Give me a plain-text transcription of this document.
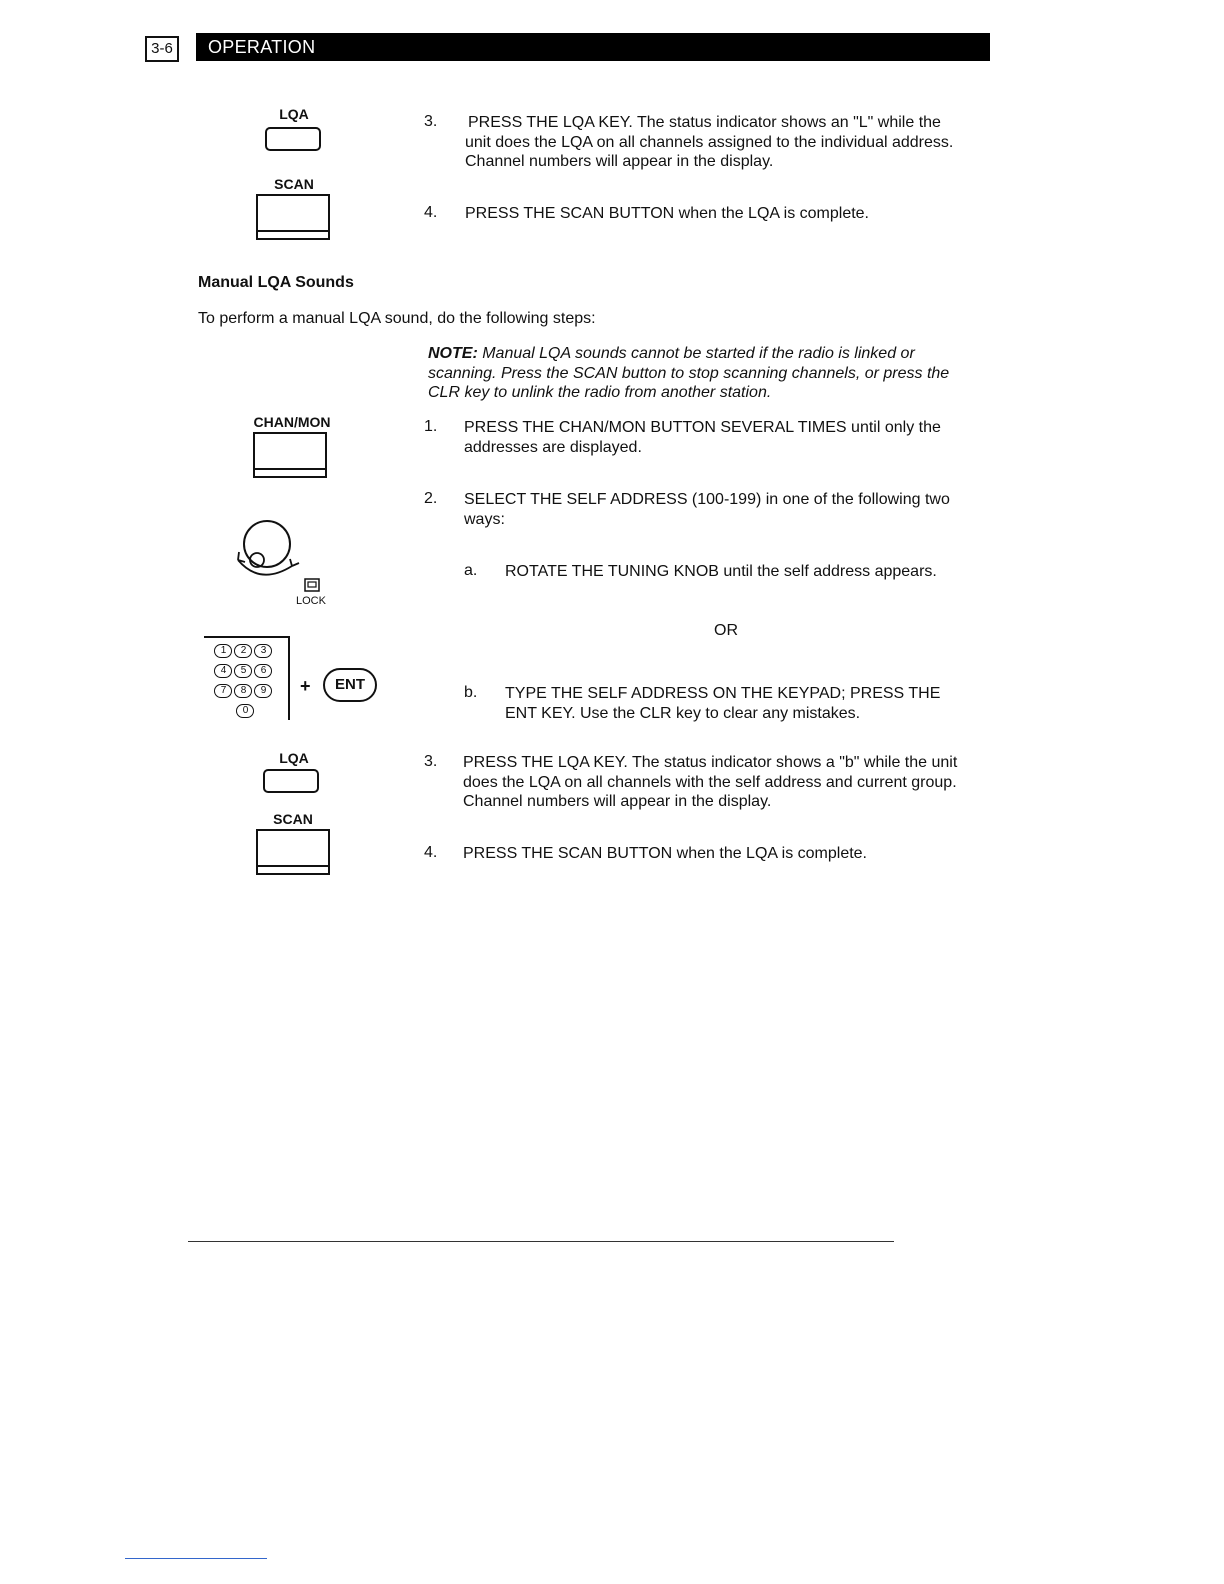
3-6	OPERATION
LQA
SCAN
3. PRESS THE LQA KEY. The status indicator shows an "L" while the
unit does the LQA on all channels assigned to the individual address.
Channel numbers will appear in the display.
4. PRESS THE SCAN BUTTON when the LQA is complete.
Manual LQA Sounds
To perform a manual LQA sound, do the following steps:
NOTE: Manual LQA sounds cannot be started if the radio is linked or
scanning. Press the SCAN button to stop scanning channels, or press the
CLR key to unlink the radio from another station.
CHAN/MON
LOCK
1 2 3
4 5 6
7 8 9
0
+	ENT
LQA
SCAN
1. PRESS THE CHAN/MON BUTTON SEVERAL TIMES until only the
addresses are displayed.
2. SELECT THE SELF ADDRESS (100-199) in one of the following two
ways:
a. ROTATE THE TUNING KNOB until the self address appears.
OR
b. TYPE THE SELF ADDRESS ON THE KEYPAD; PRESS THE
ENT KEY. Use the CLR key to clear any mistakes.
3. PRESS THE LQA KEY. The status indicator shows a "b" while the unit
does the LQA on all channels with the self address and current group.
Channel numbers will appear in the display.
4. PRESS THE SCAN BUTTON when the LQA is complete.
